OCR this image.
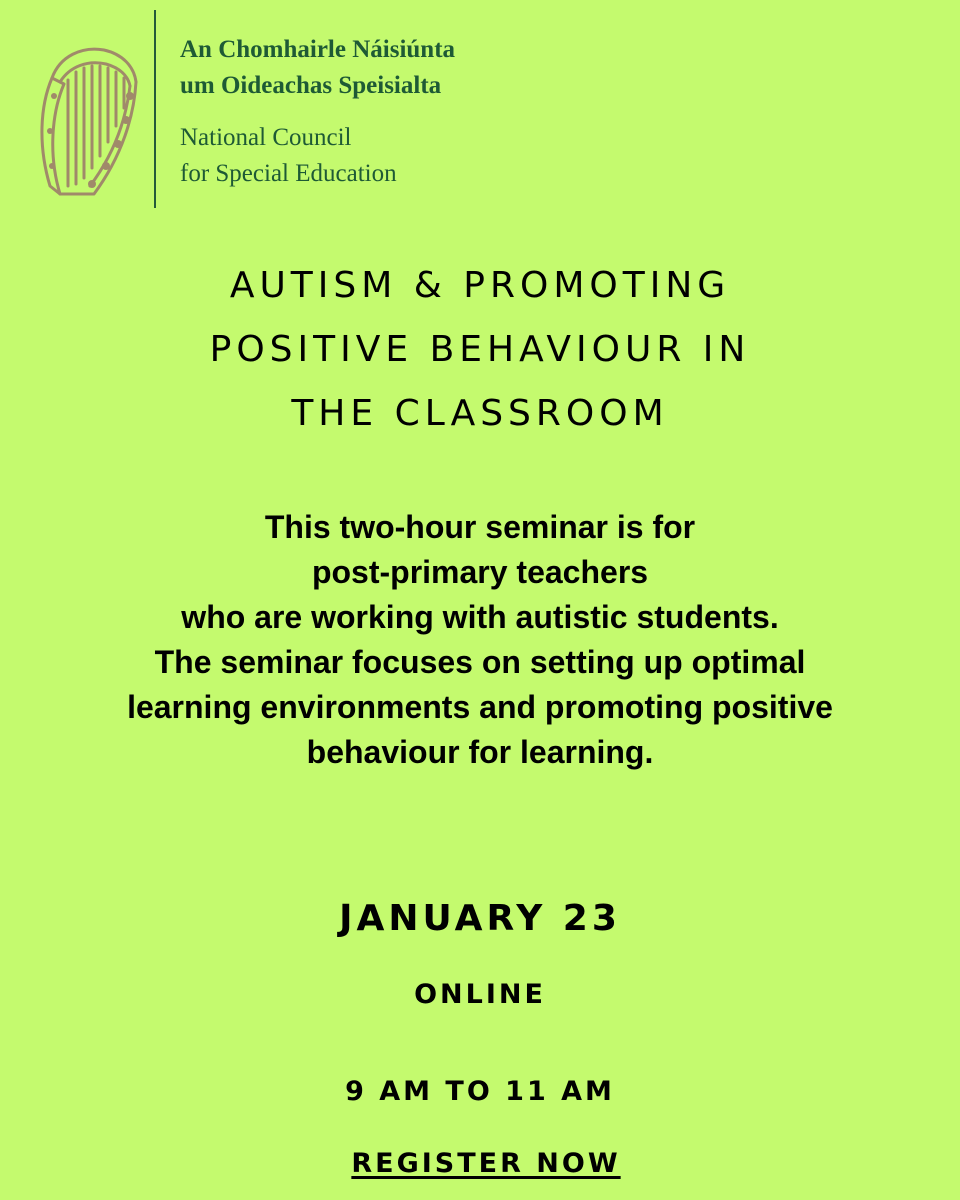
An Chomhairle Náisiúnta
um Oideachas Speisialta
National Council
for Special Education
AUTISM & PROMOTING
POSITIVE BEHAVIOUR IN
THE CLASSROOM
This two-hour seminar is for
post-primary teachers
who are working with autistic students.
The seminar focuses on setting up optimal
learning environments and promoting positive
behaviour for learning.
JANUARY 23
ONLINE
9 AM TO 11 AM
REGISTER NOW
